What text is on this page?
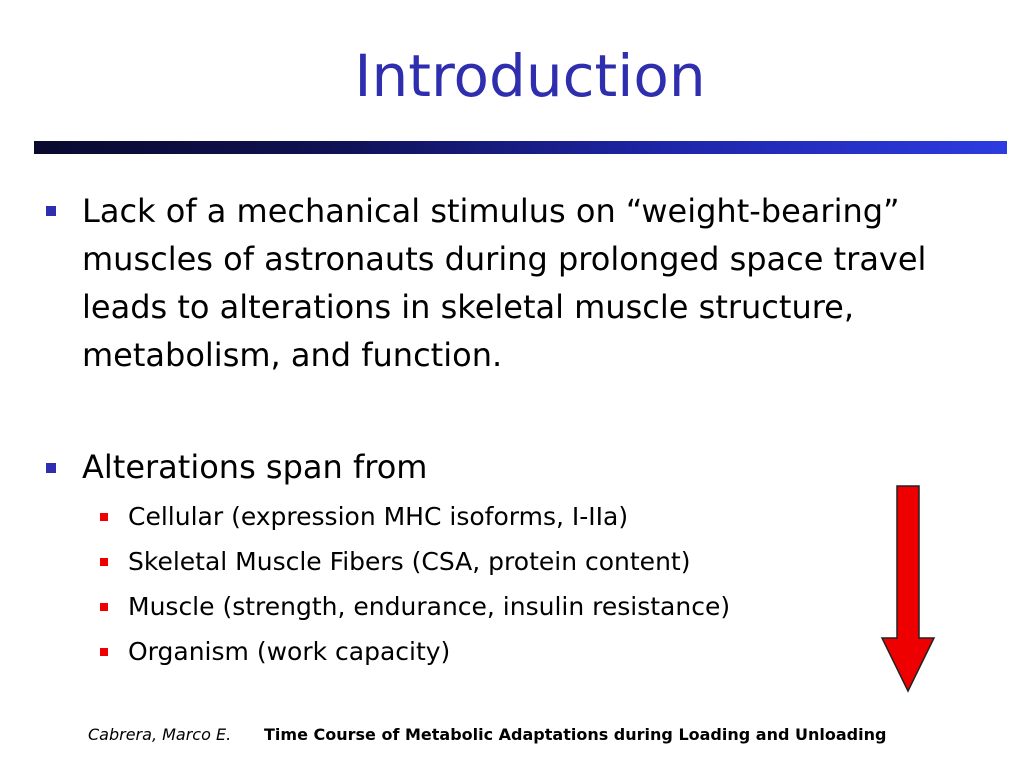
Introduction

Lack of a mechanical stimulus on “weight-bearing” muscles of astronauts during prolonged space travel leads to alterations in skeletal muscle structure, metabolism, and function.

Alterations span from

Cellular (expression MHC isoforms, I-IIa)

Skeletal Muscle Fibers (CSA, protein content)

Muscle (strength, endurance, insulin resistance)

Organism (work capacity)

Cabrera, Marco E. Time Course of Metabolic Adaptations during Loading and Unloading
